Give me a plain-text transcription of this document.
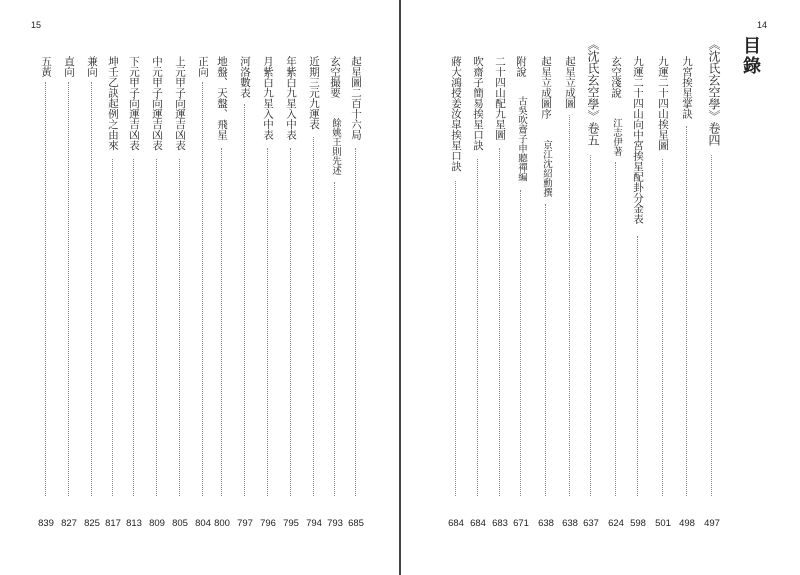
15
起星圖二百十六局
685
玄空撮要
餘姚王則先述
793
近期三元九運表
794
年紫白九星入中表
795
月紫白九星入中表
796
河洛數表
797
地盤、天盤、飛星
800
正向
804
上元甲子向運吉凶表
805
中元甲子向運吉凶表
809
下元甲子向運吉凶表
813
坤壬乙訣起例之由來
817
兼向
825
直向
827
五黃
839
14
目錄
《沈氏玄空學》卷四
497
九宮挨星掌訣
498
九運二十四山挨星圖
501
九運二十四山向中宮挨星配卦分金表
598
玄空淺說
江志伊著
624
《沈氏玄空學》卷五
637
起星立成圖
638
起星立成圖序
京江沈紹勳撰
638
附說
古吳吹齋子申聽禪編
671
二十四山配九星圖
683
吹齋子簡易挨星口訣
684
蔣大鴻授姜汝皐挨星口訣
684
